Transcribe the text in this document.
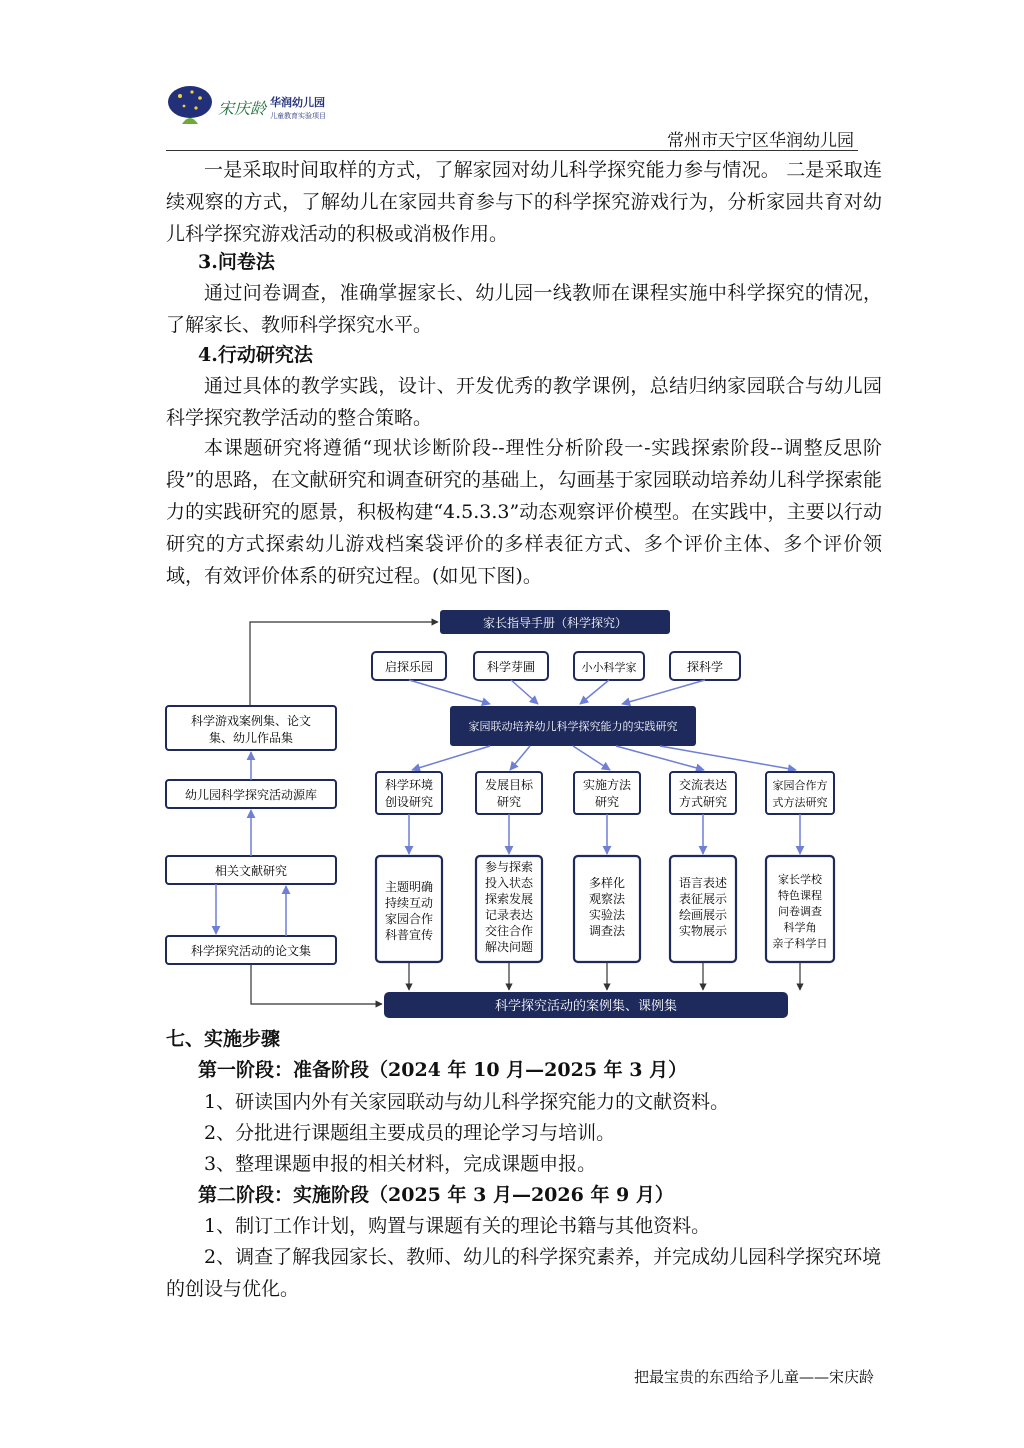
宋庆龄 华润幼儿园
儿童教育实验项目
常州市天宁区华润幼儿园

一是采取时间取样的方式，了解家园对幼儿科学探究能力参与情况。 二是采取连续观察的方式，了解幼儿在家园共育参与下的科学探究游戏行为，分析家园共育对幼儿科学探究游戏活动的积极或消极作用。

3.问卷法

通过问卷调查，准确掌握家长、幼儿园一线教师在课程实施中科学探究的情况，了解家长、教师科学探究水平。

4.行动研究法

通过具体的教学实践，设计、开发优秀的教学课例，总结归纳家园联合与幼儿园科学探究教学活动的整合策略。

本课题研究将遵循“现状诊断阶段--理性分析阶段一-实践探索阶段--调整反思阶段”的思路，在文献研究和调查研究的基础上，勾画基于家园联动培养幼儿科学探索能力的实践研究的愿景，积极构建“4.5.3.3”动态观察评价模型。在实践中，主要以行动研究的方式探索幼儿游戏档案袋评价的多样表征方式、多个评价主体、多个评价领域，有效评价体系的研究过程。(如见下图)。

家长指导手册（科学探究）
启探乐园	科学芽圃	小小科学家	探科学
家园联动培养幼儿科学探究能力的实践研究
科学游戏案例集、论文
集、幼儿作品集
幼儿园科学探究活动源库
相关文献研究
科学探究活动的论文集
科学环境
创设研究
发展目标
研究
实施方法
研究
交流表达
方式研究
家园合作方
式方法研究
主题明确
持续互动
家园合作
科普宣传
参与探索
投入状态
探索发展
记录表达
交往合作
解决问题
多样化
观察法
实验法
调查法
语言表述
表征展示
绘画展示
实物展示
家长学校
特色课程
问卷调查
科学角
亲子科学日
科学探究活动的案例集、课例集

七、实施步骤

第一阶段：准备阶段（2024 年 10 月—2025 年 3 月）

1、研读国内外有关家园联动与幼儿科学探究能力的文献资料。

2、分批进行课题组主要成员的理论学习与培训。

3、整理课题申报的相关材料，完成课题申报。

第二阶段：实施阶段（2025 年 3 月—2026 年 9 月）

1、制订工作计划，购置与课题有关的理论书籍与其他资料。

2、调查了解我园家长、教师、幼儿的科学探究素养，并完成幼儿园科学探究环境的创设与优化。

把最宝贵的东西给予儿童——宋庆龄
